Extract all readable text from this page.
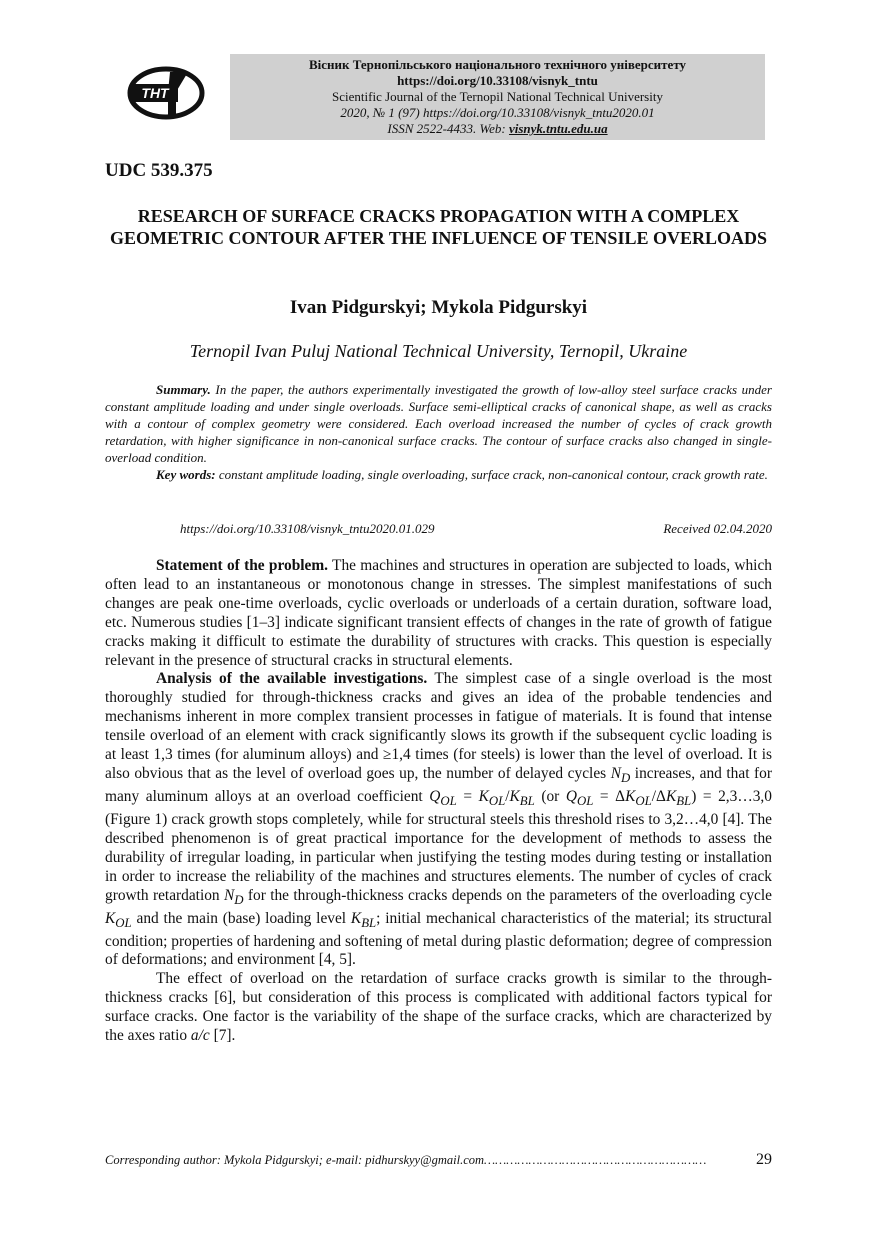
ТНТ
Вісник Тернопільського національного технічного університету
https://doi.org/10.33108/visnyk_tntu
Scientific Journal of the Ternopil National Technical University
2020, № 1 (97) https://doi.org/10.33108/visnyk_tntu2020.01
ISSN 2522-4433. Web: visnyk.tntu.edu.ua
UDC 539.375
RESEARCH OF SURFACE CRACKS PROPAGATION WITH A COMPLEX GEOMETRIC CONTOUR AFTER THE INFLUENCE OF TENSILE OVERLOADS
Ivan Pidgurskyi; Mykola Pidgurskyi
Ternopil Ivan Puluj National Technical University, Ternopil, Ukraine

Summary. In the paper, the authors experimentally investigated the growth of low-alloy steel surface cracks under constant amplitude loading and under single overloads. Surface semi-elliptical cracks of canonical shape, as well as cracks with a contour of complex geometry were considered. Each overload increased the number of cycles of crack growth retardation, with higher significance in non-canonical surface cracks. The contour of surface cracks also changed in single-overload condition.

Key words: constant amplitude loading, single overloading, surface crack, non-canonical contour, crack growth rate.

https://doi.org/10.33108/visnyk_tntu2020.01.029	Received 02.04.2020

Statement of the problem. The machines and structures in operation are subjected to loads, which often lead to an instantaneous or monotonous change in stresses. The simplest manifestations of such changes are peak one-time overloads, cyclic overloads or underloads of a certain duration, software load, etc. Numerous studies [1–3] indicate significant transient effects of changes in the rate of growth of fatigue cracks making it difficult to estimate the durability of structures with cracks. This question is especially relevant in the presence of structural cracks in structural elements.

Analysis of the available investigations. The simplest case of a single overload is the most thoroughly studied for through-thickness cracks and gives an idea of the probable tendencies and mechanisms inherent in more complex transient processes in fatigue of materials. It is found that intense tensile overload of an element with crack significantly slows its growth if the subsequent cyclic loading is at least 1,3 times (for aluminum alloys) and ≥1,4 times (for steels) is lower than the level of overload. It is also obvious that as the level of overload goes up, the number of delayed cycles $N_D$ increases, and that for many aluminum alloys at an overload coefficient $Q_{OL} = K_{OL}/K_{BL}$ (or $Q_{OL} = \Delta K_{OL}/\Delta K_{BL}$) = 2,3…3,0 (Figure 1) crack growth stops completely, while for structural steels this threshold rises to 3,2…4,0 [4]. The described phenomenon is of great practical importance for the development of methods to assess the durability of irregular loading, in particular when justifying the testing modes during testing or installation in order to increase the reliability of the machines and structures elements. The number of cycles of crack growth retardation $N_D$ for the through-thickness cracks depends on the parameters of the overloading cycle $K_{OL}$ and the main (base) loading level $K_{BL}$; initial mechanical characteristics of the material; its structural condition; properties of hardening and softening of metal during plastic deformation; degree of compression of deformations; and environment [4, 5].

The effect of overload on the retardation of surface cracks growth is similar to the through-thickness cracks [6], but consideration of this process is complicated with additional factors typical for surface cracks. One factor is the variability of the shape of the surface cracks, which are characterized by the axes ratio a/c [7].

Corresponding author: Mykola Pidgurskyi; e-mail: pidhurskyy@gmail.com ……………………………………………………	29
